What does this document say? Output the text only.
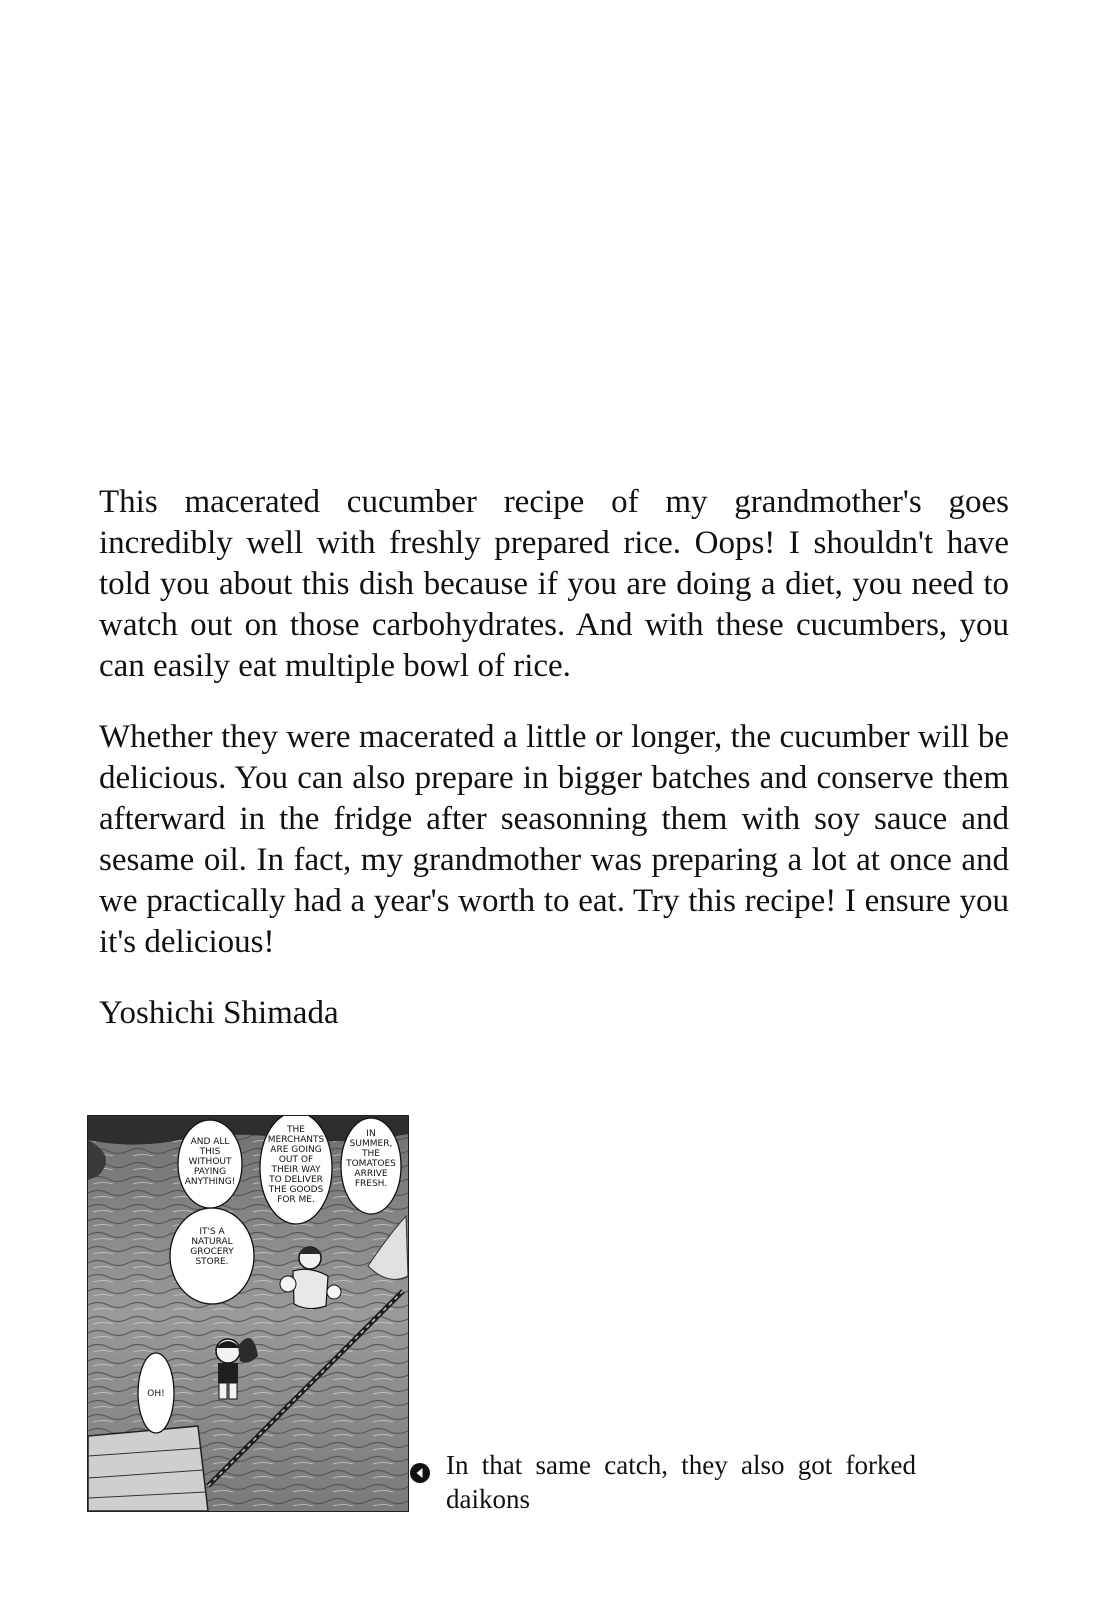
This macerated cucumber recipe of my grandmother's goes incredibly well with freshly prepared rice. Oops! I shouldn't have told you about this dish because if you are doing a diet, you need to watch out on those carbohydrates. And with these cucumbers, you can easily eat multiple bowl of rice.

Whether they were macerated a little or longer, the cucumber will be delicious. You can also prepare in bigger batches and conserve them afterward in the fridge after seasonning them with soy sauce and sesame oil. In fact, my grandmother was preparing a lot at once and we practically had a year's worth to eat. Try this recipe! I ensure you it's delicious!

Yoshichi Shimada

AND ALL
THIS
WITHOUT
PAYING
ANYTHING!
THE
MERCHANTS
ARE GOING
OUT OF
THEIR WAY
TO DELIVER
THE GOODS
FOR ME.
IN
SUMMER,
THE
TOMATOES
ARRIVE
FRESH.
IT'S A
NATURAL
GROCERY
STORE.
OH!
In that same catch, they also got forked daikons
